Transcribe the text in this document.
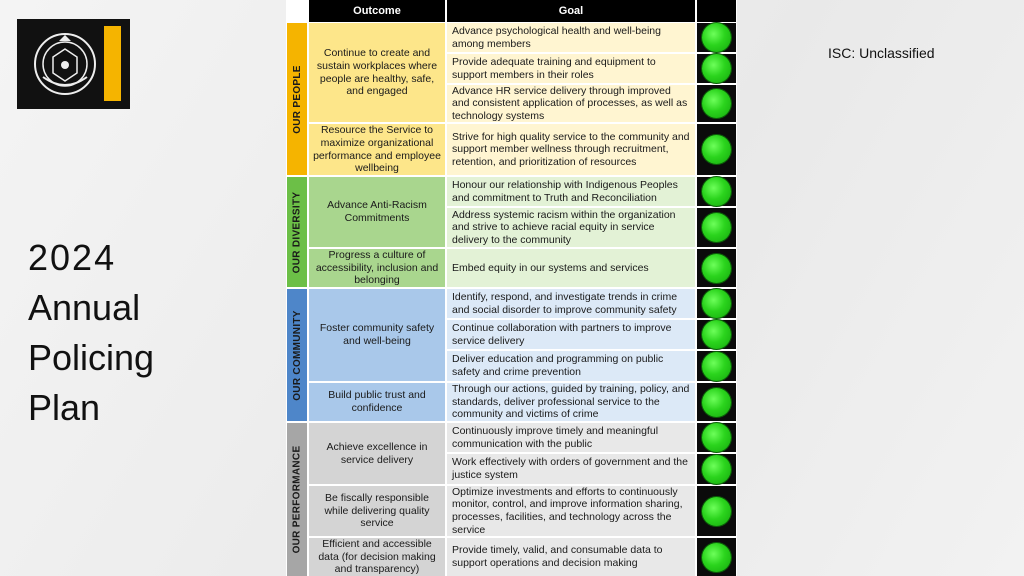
ISC: Unclassified
2024
Annual
Policing
Plan
Outcome	Goal
OUR PEOPLE
OUR DIVERSITY
OUR COMMUNITY
OUR PERFORMANCE
Continue to create and sustain workplaces where people are healthy, safe, and engaged
Resource the Service to maximize organizational performance and employee wellbeing
Advance Anti-Racism Commitments
Progress a culture of accessibility, inclusion and belonging
Foster community safety and well-being
Build public trust and confidence
Achieve excellence in service delivery
Be fiscally responsible while delivering quality service
Efficient and accessible data (for decision making and transparency)
Advance psychological health and well-being among members
Provide adequate training and equipment to support members in their roles
Advance HR service delivery through improved and consistent application of processes, as well as technology systems
Strive for high quality service to the community and support member wellness through recruitment, retention, and prioritization of resources
Honour our relationship with Indigenous Peoples and commitment to Truth and Reconciliation
Address systemic racism within the organization and strive to achieve racial equity in service delivery to the community
Embed equity in our systems and services
Identify, respond, and investigate trends in crime and social disorder to improve community safety
Continue collaboration with partners to improve service delivery
Deliver education and programming on public safety and crime prevention
Through our actions, guided by training, policy, and standards, deliver professional service to the community and victims of crime
Continuously improve timely and meaningful communication with the public
Work effectively with orders of government and the justice system
Optimize investments and efforts to continuously monitor, control, and improve information sharing, processes, facilities, and technology across the service
Provide timely, valid, and consumable data to support operations and decision making
